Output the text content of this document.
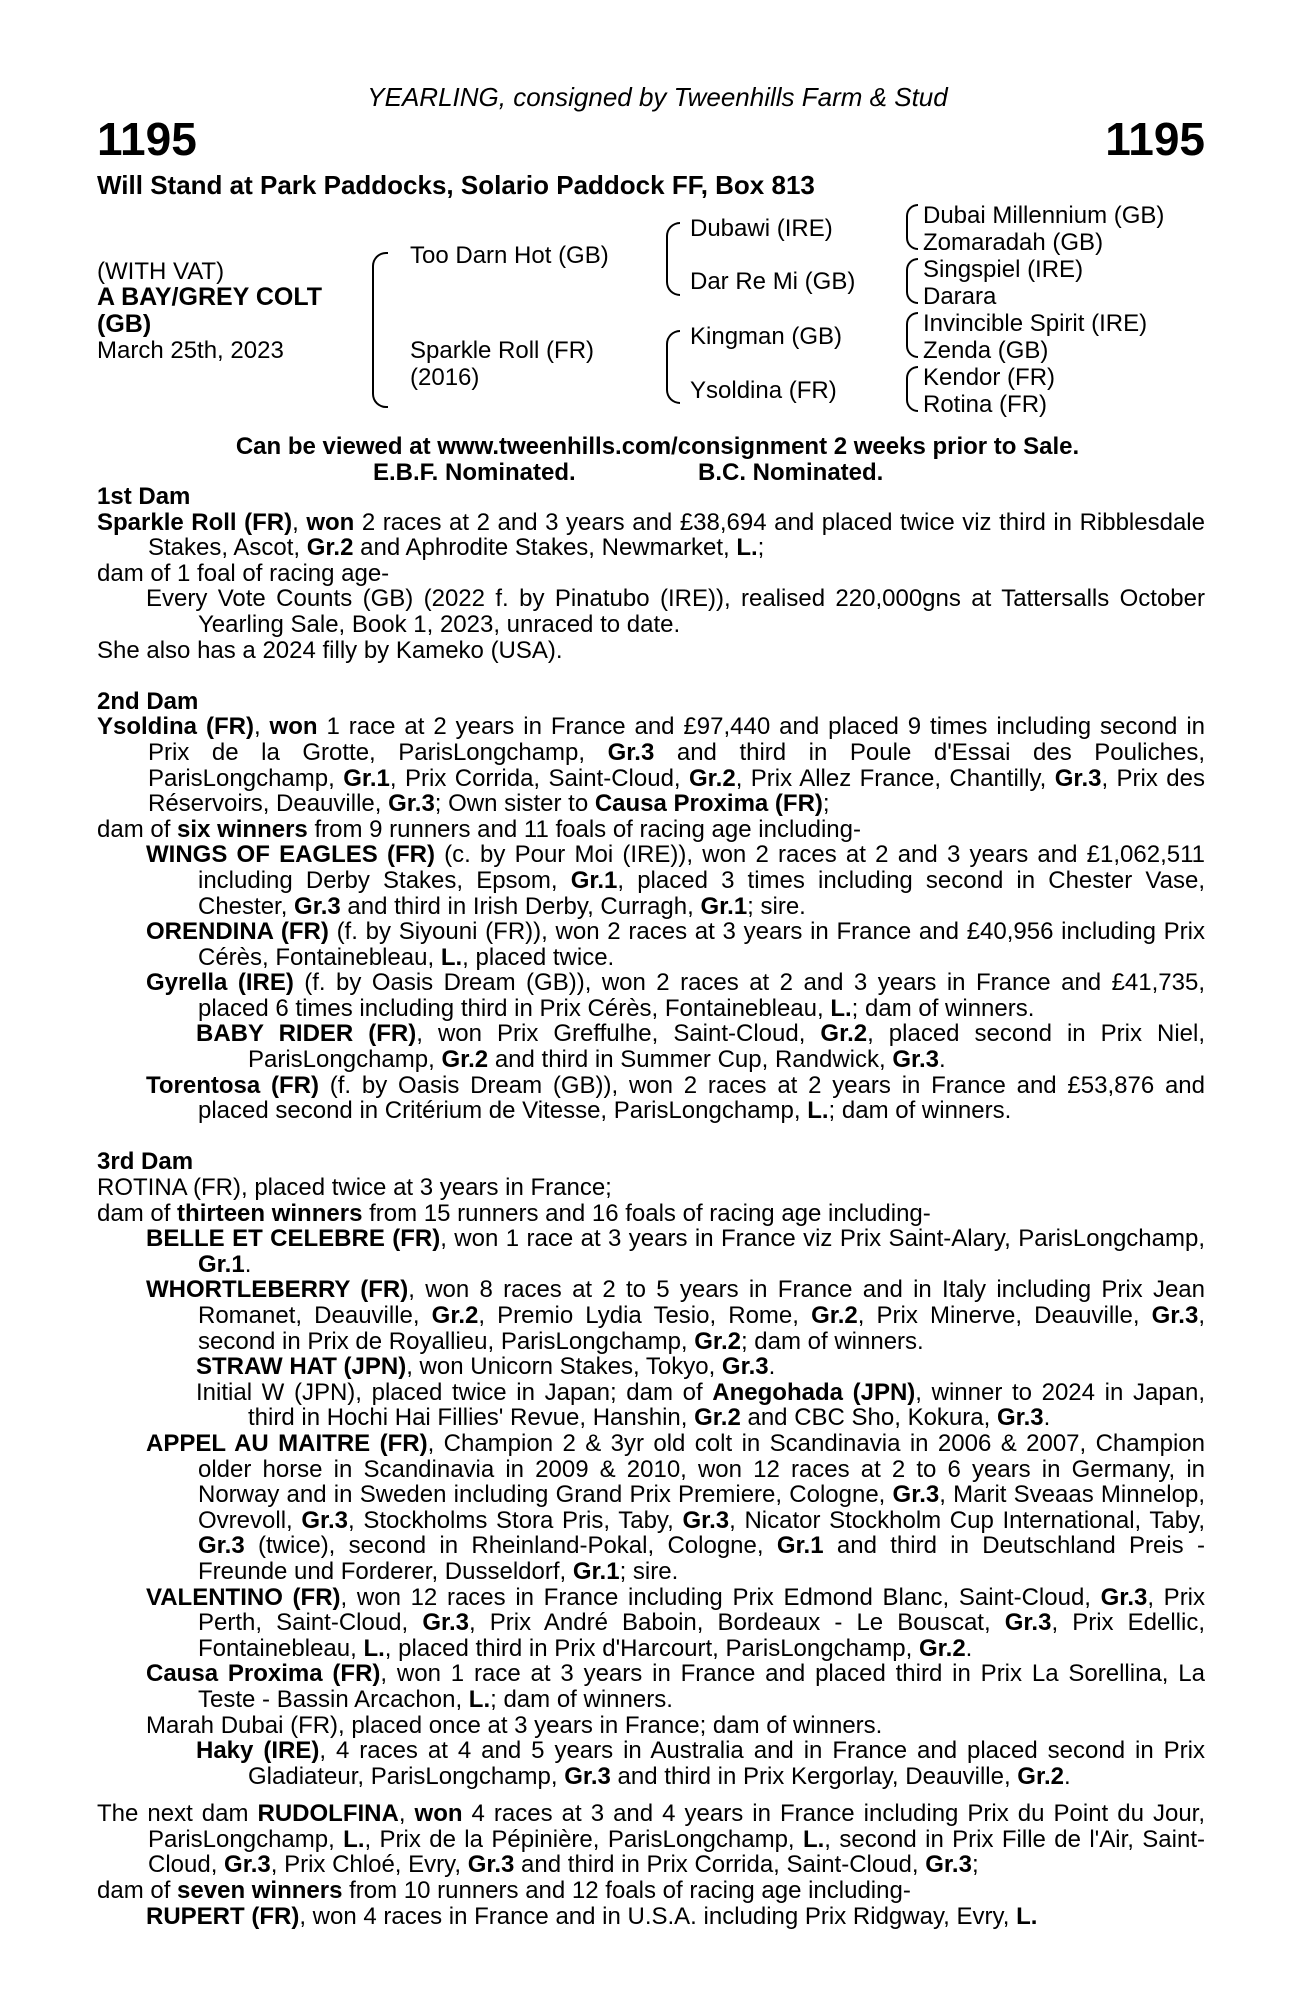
YEARLING, consigned by Tweenhills Farm & Stud
1195	1195
Will Stand at Park Paddocks, Solario Paddock FF, Box 813
(WITH VAT)
A BAY/GREY COLT
(GB)
March 25th, 2023
Too Darn Hot (GB)
Sparkle Roll (FR)
(2016)
Dubawi (IRE)
Dar Re Mi (GB)
Kingman (GB)
Ysoldina (FR)
Dubai Millennium (GB)
Zomaradah (GB)
Singspiel (IRE)
Darara
Invincible Spirit (IRE)
Zenda (GB)
Kendor (FR)
Rotina (FR)
Can be viewed at www.tweenhills.com/consignment 2 weeks prior to Sale.
E.B.F. Nominated.	B.C. Nominated.

1st Dam

Sparkle Roll (FR), won 2 races at 2 and 3 years and £38,694 and placed twice viz third in Ribblesdale Stakes, Ascot, Gr.2 and Aphrodite Stakes, Newmarket, L.;

dam of 1 foal of racing age-

Every Vote Counts (GB) (2022 f. by Pinatubo (IRE)), realised 220,000gns at Tattersalls October Yearling Sale, Book 1, 2023, unraced to date.

She also has a 2024 filly by Kameko (USA).

2nd Dam

Ysoldina (FR), won 1 race at 2 years in France and £97,440 and placed 9 times including second in Prix de la Grotte, ParisLongchamp, Gr.3 and third in Poule d'Essai des Pouliches, ParisLongchamp, Gr.1, Prix Corrida, Saint-Cloud, Gr.2, Prix Allez France, Chantilly, Gr.3, Prix des Réservoirs, Deauville, Gr.3; Own sister to Causa Proxima (FR);

dam of six winners from 9 runners and 11 foals of racing age including-

WINGS OF EAGLES (FR) (c. by Pour Moi (IRE)), won 2 races at 2 and 3 years and £1,062,511 including Derby Stakes, Epsom, Gr.1, placed 3 times including second in Chester Vase, Chester, Gr.3 and third in Irish Derby, Curragh, Gr.1; sire.

ORENDINA (FR) (f. by Siyouni (FR)), won 2 races at 3 years in France and £40,956 including Prix Cérès, Fontainebleau, L., placed twice.

Gyrella (IRE) (f. by Oasis Dream (GB)), won 2 races at 2 and 3 years in France and £41,735, placed 6 times including third in Prix Cérès, Fontainebleau, L.; dam of winners.

BABY RIDER (FR), won Prix Greffulhe, Saint-Cloud, Gr.2, placed second in Prix Niel, ParisLongchamp, Gr.2 and third in Summer Cup, Randwick, Gr.3.

Torentosa (FR) (f. by Oasis Dream (GB)), won 2 races at 2 years in France and £53,876 and placed second in Critérium de Vitesse, ParisLongchamp, L.; dam of winners.

3rd Dam

ROTINA (FR), placed twice at 3 years in France;

dam of thirteen winners from 15 runners and 16 foals of racing age including-

BELLE ET CELEBRE (FR), won 1 race at 3 years in France viz Prix Saint-Alary, ParisLongchamp, Gr.1.

WHORTLEBERRY (FR), won 8 races at 2 to 5 years in France and in Italy including Prix Jean Romanet, Deauville, Gr.2, Premio Lydia Tesio, Rome, Gr.2, Prix Minerve, Deauville, Gr.3, second in Prix de Royallieu, ParisLongchamp, Gr.2; dam of winners.

STRAW HAT (JPN), won Unicorn Stakes, Tokyo, Gr.3.

Initial W (JPN), placed twice in Japan; dam of Anegohada (JPN), winner to 2024 in Japan, third in Hochi Hai Fillies' Revue, Hanshin, Gr.2 and CBC Sho, Kokura, Gr.3.

APPEL AU MAITRE (FR), Champion 2 & 3yr old colt in Scandinavia in 2006 & 2007, Champion older horse in Scandinavia in 2009 & 2010, won 12 races at 2 to 6 years in Germany, in Norway and in Sweden including Grand Prix Premiere, Cologne, Gr.3, Marit Sveaas Minnelop, Ovrevoll, Gr.3, Stockholms Stora Pris, Taby, Gr.3, Nicator Stockholm Cup International, Taby, Gr.3 (twice), second in Rheinland-Pokal, Cologne, Gr.1 and third in Deutschland Preis - Freunde und Forderer, Dusseldorf, Gr.1; sire.

VALENTINO (FR), won 12 races in France including Prix Edmond Blanc, Saint-Cloud, Gr.3, Prix Perth, Saint-Cloud, Gr.3, Prix André Baboin, Bordeaux - Le Bouscat, Gr.3, Prix Edellic, Fontainebleau, L., placed third in Prix d'Harcourt, ParisLongchamp, Gr.2.

Causa Proxima (FR), won 1 race at 3 years in France and placed third in Prix La Sorellina, La Teste - Bassin Arcachon, L.; dam of winners.

Marah Dubai (FR), placed once at 3 years in France; dam of winners.

Haky (IRE), 4 races at 4 and 5 years in Australia and in France and placed second in Prix Gladiateur, ParisLongchamp, Gr.3 and third in Prix Kergorlay, Deauville, Gr.2.

The next dam RUDOLFINA, won 4 races at 3 and 4 years in France including Prix du Point du Jour, ParisLongchamp, L., Prix de la Pépinière, ParisLongchamp, L., second in Prix Fille de l'Air, Saint-Cloud, Gr.3, Prix Chloé, Evry, Gr.3 and third in Prix Corrida, Saint-Cloud, Gr.3;

dam of seven winners from 10 runners and 12 foals of racing age including-

RUPERT (FR), won 4 races in France and in U.S.A. including Prix Ridgway, Evry, L.
